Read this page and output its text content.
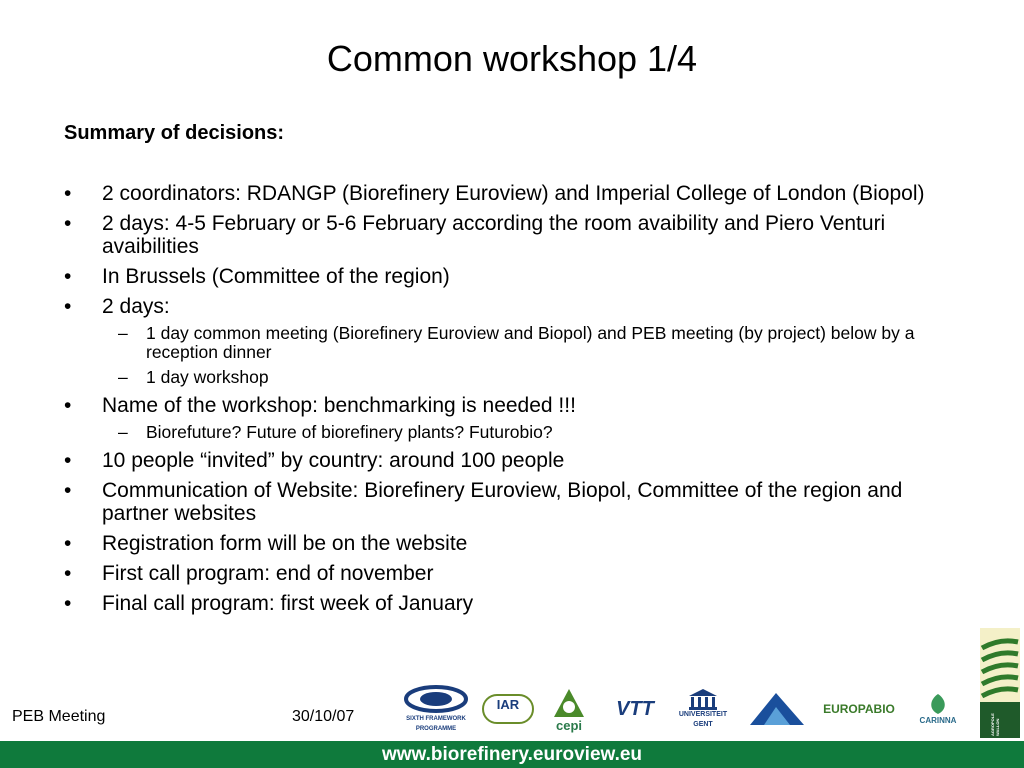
Common workshop 1/4
Summary of decisions:
• 2 coordinators: RDANGP (Biorefinery Euroview) and Imperial College of London (Biopol)
• 2 days: 4-5 February or 5-6 February according the room avaibility and Piero Venturi avaibilities
• In Brussels (Committee of the region)
• 2 days:
– 1 day common meeting (Biorefinery Euroview and Biopol) and PEB meeting (by project) below by a reception dinner
– 1 day workshop
• Name of the workshop: benchmarking is needed !!!
– Biorefuture? Future of biorefinery plants? Futurobio?
• 10 people “invited” by country: around 100 people
• Communication of Website: Biorefinery Euroview, Biopol, Committee of the region and partner websites
• Registration form will be on the website
• First call program: end of november
• Final call program: first week of January
PEB Meeting	30/10/07	SIXTH FRAMEWORK PROGRAMME
IAR
cepi
VTT	UNIVERSITEIT GENT
EUROPABIO
CARINNA	AGROPOLE WALLON
www.biorefinery.euroview.eu
